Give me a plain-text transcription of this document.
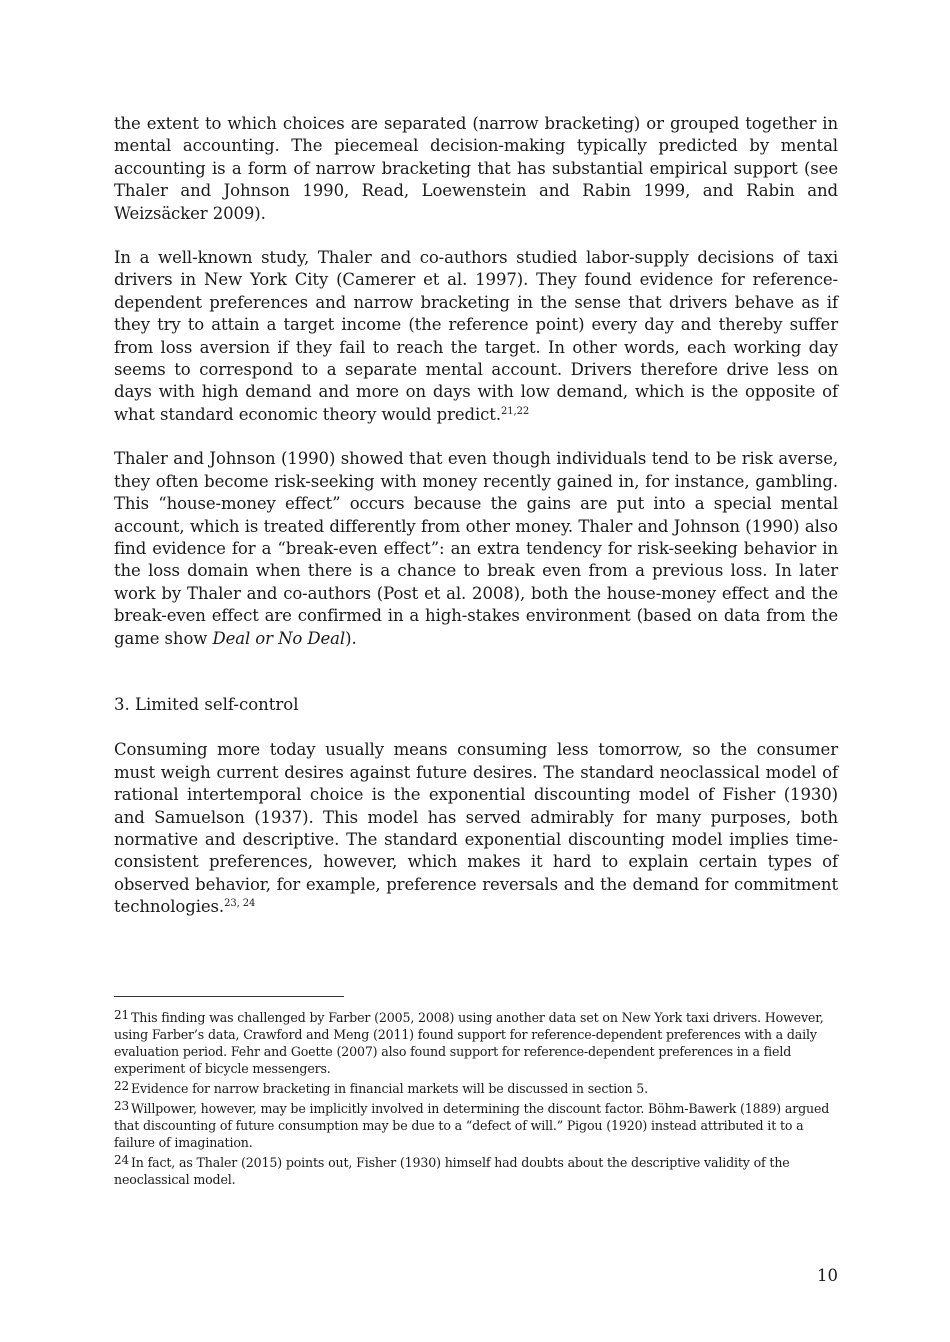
the extent to which choices are separated (narrow bracketing) or grouped together in mental accounting. The piecemeal decision-making typically predicted by mental accounting is a form of narrow bracketing that has substantial empirical support (see Thaler and Johnson 1990, Read, Loewenstein and Rabin 1999, and Rabin and Weizsäcker 2009).

In a well-known study, Thaler and co-authors studied labor-supply decisions of taxi drivers in New York City (Camerer et al. 1997). They found evidence for reference-dependent preferences and narrow bracketing in the sense that drivers behave as if they try to attain a target income (the reference point) every day and thereby suffer from loss aversion if they fail to reach the target. In other words, each working day seems to correspond to a separate mental account. Drivers therefore drive less on days with high demand and more on days with low demand, which is the opposite of what standard economic theory would predict.$^{21,22}$

Thaler and Johnson (1990) showed that even though individuals tend to be risk averse, they often become risk-seeking with money recently gained in, for instance, gambling. This “house-money effect” occurs because the gains are put into a special mental account, which is treated differently from other money. Thaler and Johnson (1990) also find evidence for a “break-even effect”: an extra tendency for risk-seeking behavior in the loss domain when there is a chance to break even from a previous loss. In later work by Thaler and co-authors (Post et al. 2008), both the house-money effect and the break-even effect are confirmed in a high-stakes environment (based on data from the game show Deal or No Deal).

3. Limited self-control

Consuming more today usually means consuming less tomorrow, so the consumer must weigh current desires against future desires. The standard neoclassical model of rational intertemporal choice is the exponential discounting model of Fisher (1930) and Samuelson (1937). This model has served admirably for many purposes, both normative and descriptive. The standard exponential discounting model implies time-consistent preferences, however, which makes it hard to explain certain types of observed behavior, for example, preference reversals and the demand for commitment technologies.$^{23, 24}$

21 This finding was challenged by Farber (2005, 2008) using another data set on New York taxi drivers. However, using Farber’s data, Crawford and Meng (2011) found support for reference-dependent preferences with a daily evaluation period. Fehr and Goette (2007) also found support for reference-dependent preferences in a field experiment of bicycle messengers.

22 Evidence for narrow bracketing in financial markets will be discussed in section 5.

23 Willpower, however, may be implicitly involved in determining the discount factor. Böhm-Bawerk (1889) argued that discounting of future consumption may be due to a “defect of will.” Pigou (1920) instead attributed it to a failure of imagination.

24 In fact, as Thaler (2015) points out, Fisher (1930) himself had doubts about the descriptive validity of the neoclassical model.

10
